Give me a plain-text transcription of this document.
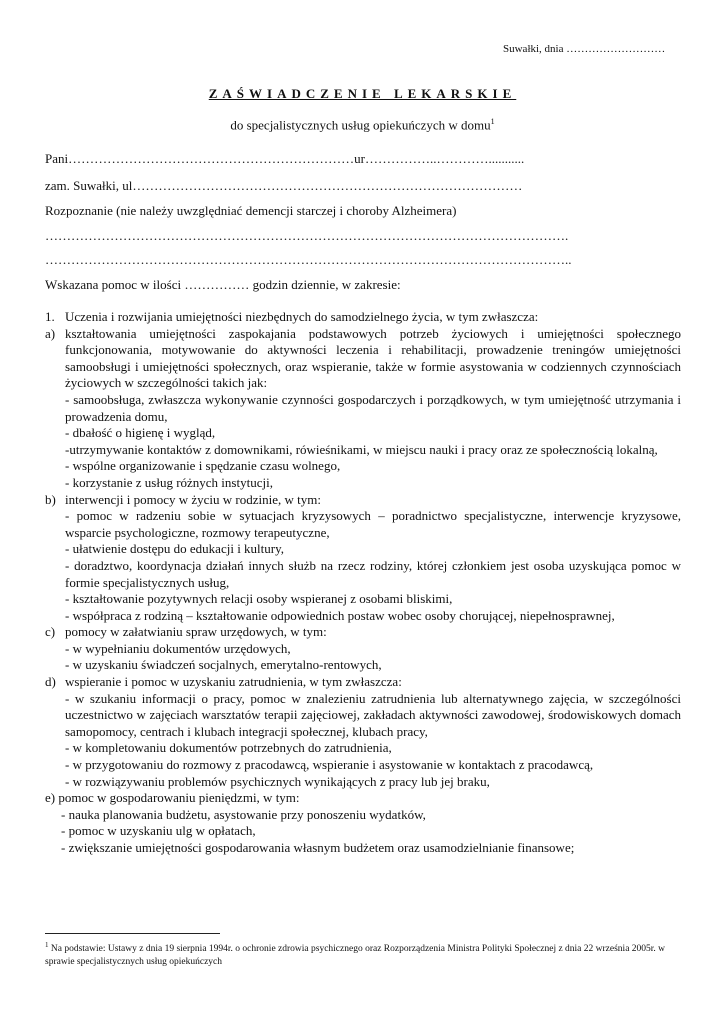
Suwałki, dnia ………………………
ZAŚWIADCZENIE LEKARSKIE
do specjalistycznych usług opiekuńczych w domu$^1$
Pani…………………………………………………………ur……………..…………...........
zam. Suwałki, ul………………………………………………………………………………
Rozpoznanie (nie należy uwzględniać demencji starczej i choroby Alzheimera)
………………………………………………………………………………………………………….
…………………………………………………………………………………………………………..
Wskazana pomoc w ilości …………… godzin dziennie, w zakresie:
1. Uczenia i rozwijania umiejętności niezbędnych do samodzielnego życia, w tym zwłaszcza:
a) kształtowania umiejętności zaspokajania podstawowych potrzeb życiowych i umiejętności społecznego funkcjonowania, motywowanie do aktywności leczenia i rehabilitacji, prowadzenie treningów umiejętności samoobsługi i umiejętności społecznych, oraz wspieranie, także w formie asystowania w codziennych czynnościach życiowych w szczególności takich jak:

- samoobsługa, zwłaszcza wykonywanie czynności gospodarczych i porządkowych, w tym umiejętność utrzymania i prowadzenia domu,

- dbałość o higienę i wygląd,

-utrzymywanie kontaktów z domownikami, rówieśnikami, w miejscu nauki i pracy oraz ze społecznością lokalną,

- wspólne organizowanie i spędzanie czasu wolnego,

- korzystanie z usług różnych instytucji,

b) interwencji i pomocy w życiu w rodzinie, w tym:

- pomoc w radzeniu sobie w sytuacjach kryzysowych – poradnictwo specjalistyczne, interwencje kryzysowe, wsparcie psychologiczne, rozmowy terapeutyczne,

- ułatwienie dostępu do edukacji i kultury,

- doradztwo, koordynacja działań innych służb na rzecz rodziny, której członkiem jest osoba uzyskująca pomoc w formie specjalistycznych usług,

- kształtowanie pozytywnych relacji osoby wspieranej z osobami bliskimi,

- współpraca z rodziną – kształtowanie odpowiednich postaw wobec osoby chorującej, niepełnosprawnej,

c) pomocy w załatwianiu spraw urzędowych, w tym:

- w wypełnianiu dokumentów urzędowych,

- w uzyskaniu świadczeń socjalnych, emerytalno-rentowych,

d) wspieranie i pomoc w uzyskaniu zatrudnienia, w tym zwłaszcza:

- w szukaniu informacji o pracy, pomoc w znalezieniu zatrudnienia lub alternatywnego zajęcia, w szczególności uczestnictwo w zajęciach warsztatów terapii zajęciowej, zakładach aktywności zawodowej, środowiskowych domach samopomocy, centrach i klubach integracji społecznej, klubach pracy,

- w kompletowaniu dokumentów potrzebnych do zatrudnienia,

- w przygotowaniu do rozmowy z pracodawcą, wspieranie i asystowanie w kontaktach z pracodawcą,

- w rozwiązywaniu problemów psychicznych wynikających z pracy lub jej braku,

e) pomoc w gospodarowaniu pieniędzmi, w tym:

- nauka planowania budżetu, asystowanie przy ponoszeniu wydatków,

- pomoc w uzyskaniu ulg w opłatach,

- zwiększanie umiejętności gospodarowania własnym budżetem oraz usamodzielnianie finansowe;

$^1$ Na podstawie: Ustawy z dnia 19 sierpnia 1994r. o ochronie zdrowia psychicznego oraz Rozporządzenia Ministra Polityki Społecznej z dnia 22 września 2005r. w sprawie specjalistycznych usług opiekuńczych
